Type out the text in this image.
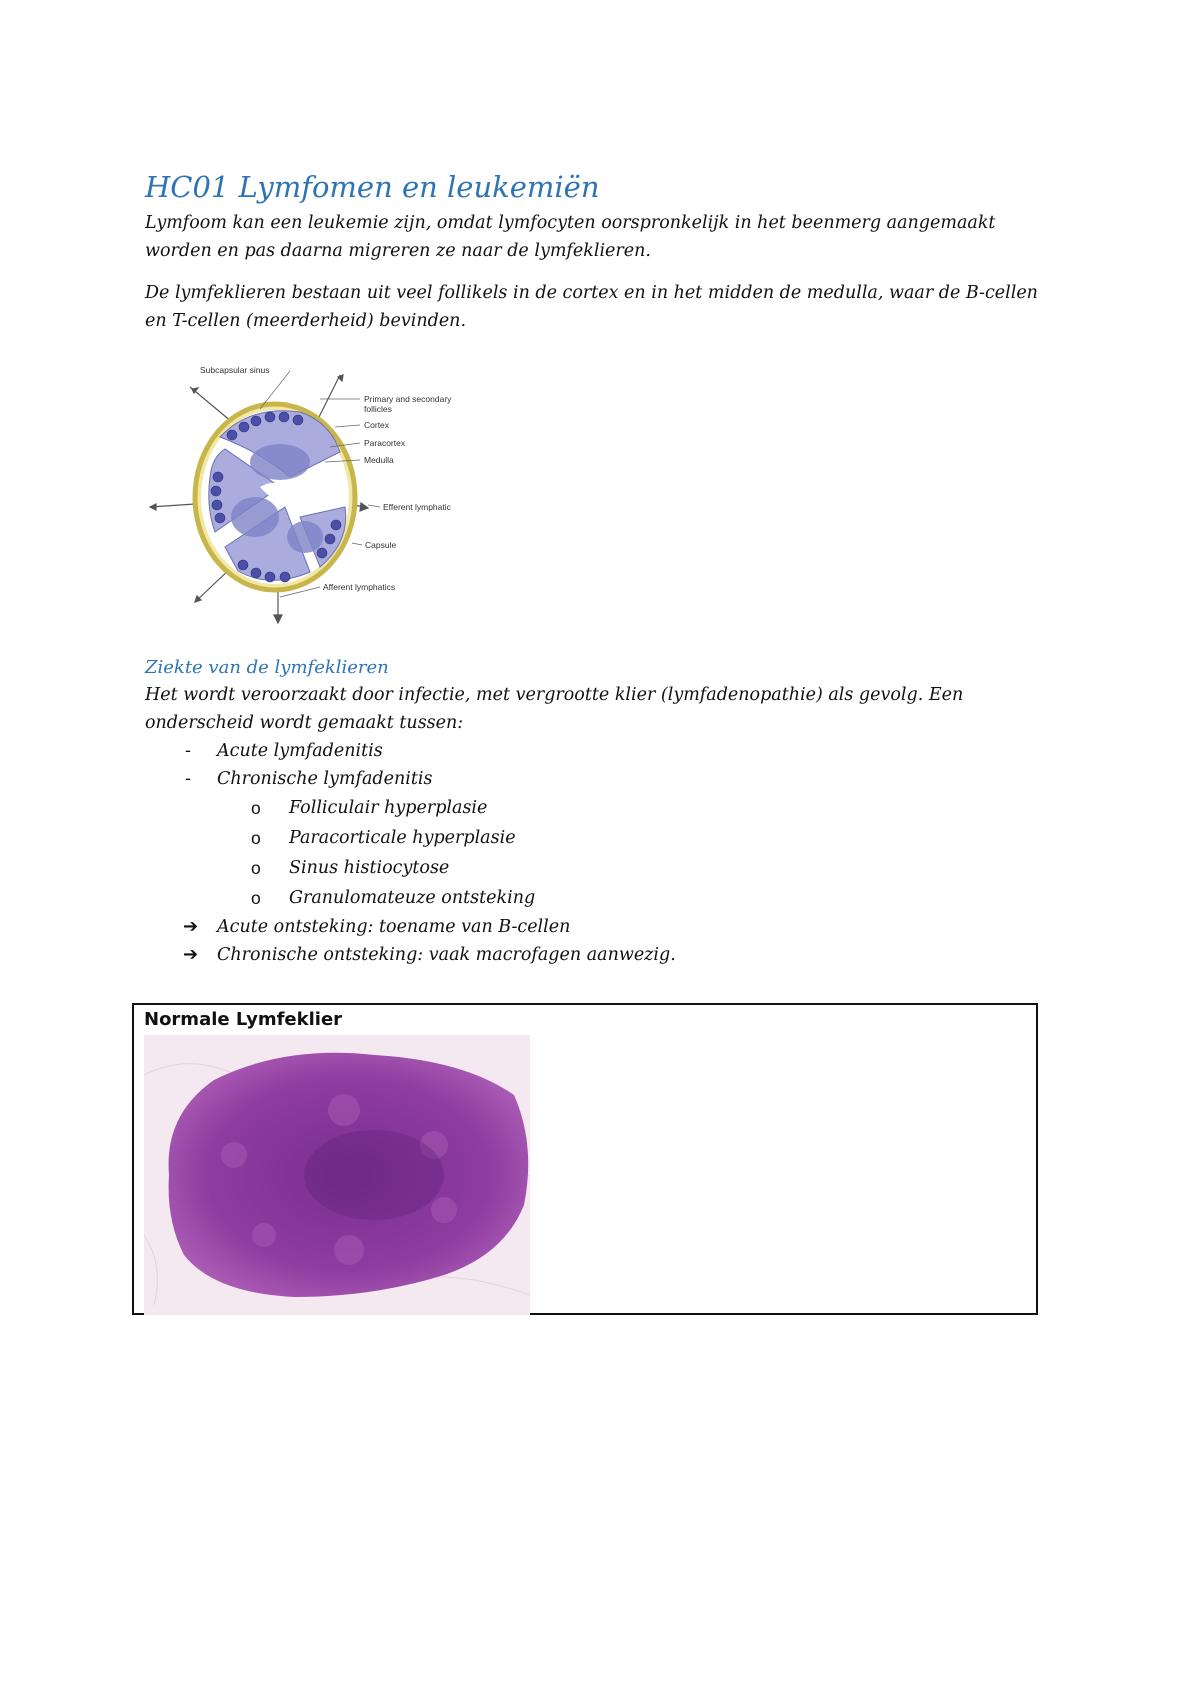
HC01 Lymfomen en leukemiën

Lymfoom kan een leukemie zijn, omdat lymfocyten oorspronkelijk in het beenmerg aangemaakt worden en pas daarna migreren ze naar de lymfeklieren.

De lymfeklieren bestaan uit veel follikels in de cortex en in het midden de medulla, waar de B-cellen en T-cellen (meerderheid) bevinden.

Subcapsular sinus
Primary and secondary follicles
Cortex
Paracortex
Medulla
Efferent lymphatic
Capsule
Afferent lymphatics
Ziekte van de lymfeklieren

Het wordt veroorzaakt door infectie, met vergrootte klier (lymfadenopathie) als gevolg. Een onderscheid wordt gemaakt tussen:

- Acute lymfadenitis
- Chronische lymfadenitis
o Folliculair hyperplasie
o Paracorticale hyperplasie
o Sinus histiocytose
o Granulomateuze ontsteking
➔ Acute ontsteking: toename van B-cellen
➔ Chronische ontsteking: vaak macrofagen aanwezig.
Normale Lymfeklier
